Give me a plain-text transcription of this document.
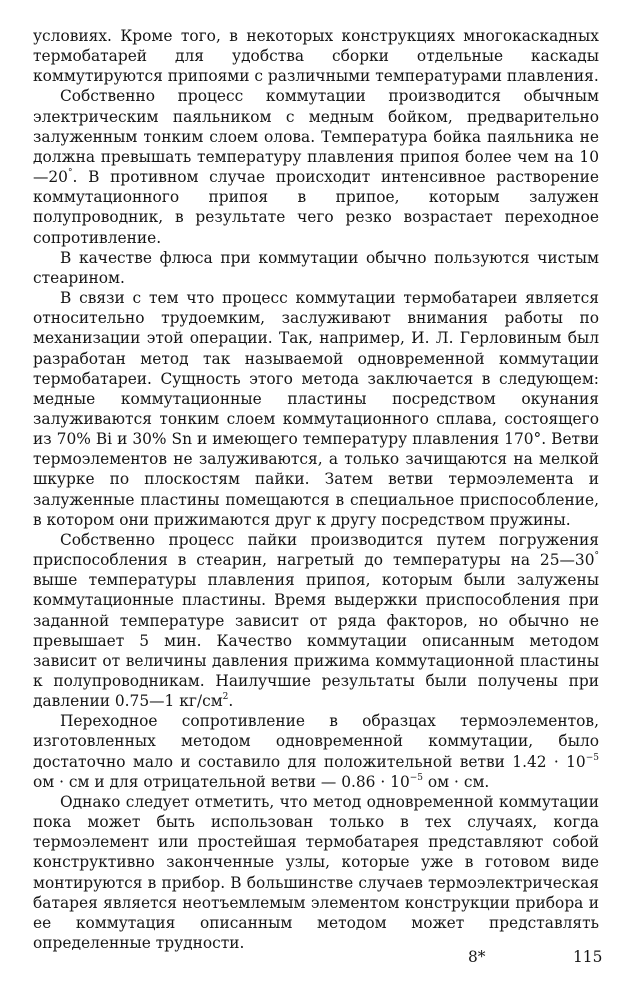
условиях. Кроме того, в некоторых конструкциях многокаскадных термобатарей для удобства сборки отдельные каскады коммутируются припоями с различными температурами плавления.

Собственно процесс коммутации производится обычным электрическим паяльником с медным бойком, предварительно залуженным тонким слоем олова. Температура бойка паяльника не должна превышать температуру плавления припоя более чем на 10—20°. В противном случае происходит интенсивное растворение коммутационного припоя в припое, которым залужен полупроводник, в результате чего резко возрастает переходное сопротивление.

В качестве флюса при коммутации обычно пользуются чистым стеарином.

В связи с тем что процесс коммутации термобатареи является относительно трудоемким, заслуживают внимания работы по механизации этой операции. Так, например, И. Л. Герловиным был разработан метод так называемой одновременной коммутации термобатареи. Сущность этого метода заключается в следующем: медные коммутационные пластины посредством окунания залуживаются тонким слоем коммутационного сплава, состоящего из 70% Bi и 30% Sn и имеющего температуру плавления 170°. Ветви термоэлементов не залуживаются, а только зачищаются на мелкой шкурке по плоскостям пайки. Затем ветви термоэлемента и залуженные пластины помещаются в специальное приспособление, в котором они прижимаются друг к другу посредством пружины.

Собственно процесс пайки производится путем погружения приспособления в стеарин, нагретый до температуры на 25—30° выше температуры плавления припоя, которым были залужены коммутационные пластины. Время выдержки приспособления при заданной температуре зависит от ряда факторов, но обычно не превышает 5 мин. Качество коммутации описанным методом зависит от величины давления прижима коммутационной пластины к полупроводникам. Наилучшие результаты были получены при давлении 0.75—1 $кг/см^2$.

Переходное сопротивление в образцах термоэлементов, изготовленных методом одновременной коммутации, было достаточно мало и составило для положительной ветви $1.42 \cdot 10^{-5}$ ом · см и для отрицательной ветви — $0.86 \cdot 10^{-5}$ ом · см.

Однако следует отметить, что метод одновременной коммутации пока может быть использован только в тех случаях, когда термоэлемент или простейшая термобатарея представляют собой конструктивно законченные узлы, которые уже в готовом виде монтируются в прибор. В большинстве случаев термоэлектрическая батарея является неотъемлемым элементом конструкции прибора и ее коммутация описанным методом может представлять определенные трудности.

8*	115
